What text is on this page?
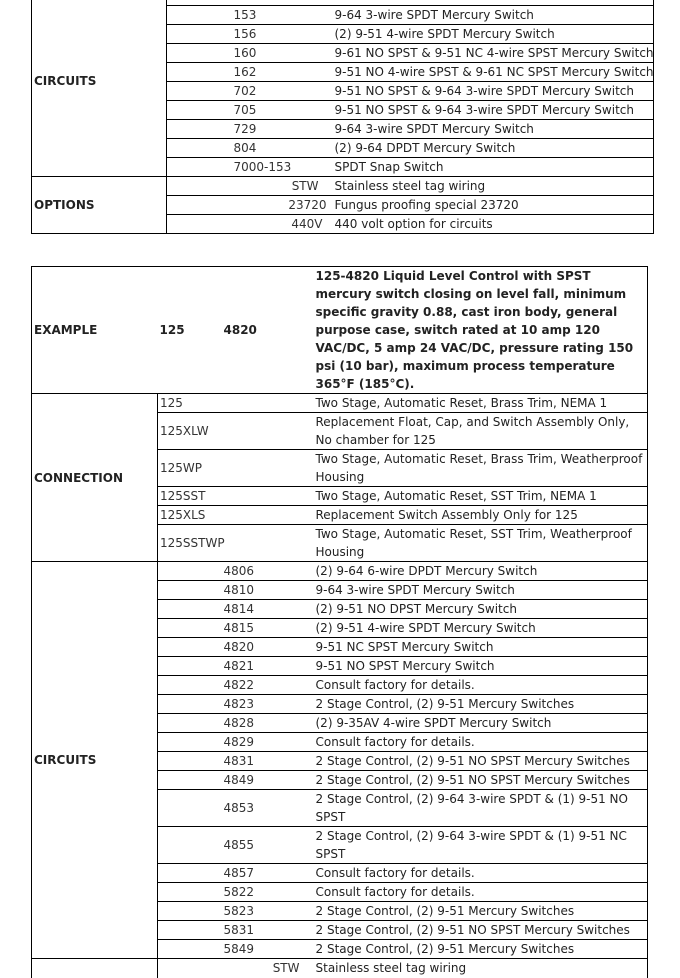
CIRCUITS			
		153	9-64 3-wire SPDT Mercury Switch
		156	(2) 9-51 4-wire SPDT Mercury Switch
		160	9-61 NO SPST & 9-51 NC 4-wire SPST Mercury Switch
		162	9-51 NO 4-wire SPST & 9-61 NC SPST Mercury Switch
		702	9-51 NO SPST & 9-64 3-wire SPDT Mercury Switch
		705	9-51 NO SPST & 9-64 3-wire SPDT Mercury Switch
		729	9-64 3-wire SPDT Mercury Switch
		804	(2) 9-64 DPDT Mercury Switch
		7000-153	SPDT Snap Switch
OPTIONS		STW	Stainless steel tag wiring
		23720	Fungus proofing special 23720
		440V	440 volt option for circuits
EXAMPLE	125	4820	125-4820 Liquid Level Control with SPST mercury switch closing on level fall, minimum specific gravity 0.88, cast iron body, general purpose case, switch rated at 10 amp 120 VAC/DC, 5 amp 24 VAC/DC, pressure rating 150 psi (10 bar), maximum process temperature 365°F (185°C).
CONNECTION	125		Two Stage, Automatic Reset, Brass Trim, NEMA 1
	125XLW		Replacement Float, Cap, and Switch Assembly Only, No chamber for 125
	125WP		Two Stage, Automatic Reset, Brass Trim, Weatherproof Housing
	125SST		Two Stage, Automatic Reset, SST Trim, NEMA 1
	125XLS		Replacement Switch Assembly Only for 125
	125SSTWP		Two Stage, Automatic Reset, SST Trim, Weatherproof Housing
CIRCUITS		4806	(2) 9-64 6-wire DPDT Mercury Switch
		4810	9-64 3-wire SPDT Mercury Switch
		4814	(2) 9-51 NO DPST Mercury Switch
		4815	(2) 9-51 4-wire SPDT Mercury Switch
		4820	9-51 NC SPST Mercury Switch
		4821	9-51 NO SPST Mercury Switch
		4822	Consult factory for details.
		4823	2 Stage Control, (2) 9-51 Mercury Switches
		4828	(2) 9-35AV 4-wire SPDT Mercury Switch
		4829	Consult factory for details.
		4831	2 Stage Control, (2) 9-51 NO SPST Mercury Switches
		4849	2 Stage Control, (2) 9-51 NO SPST Mercury Switches
		4853	2 Stage Control, (2) 9-64 3-wire SPDT & (1) 9-51 NO SPST
		4855	2 Stage Control, (2) 9-64 3-wire SPDT & (1) 9-51 NC SPST
		4857	Consult factory for details.
		5822	Consult factory for details.
		5823	2 Stage Control, (2) 9-51 Mercury Switches
		5831	2 Stage Control, (2) 9-51 NO SPST Mercury Switches
		5849	2 Stage Control, (2) 9-51 Mercury Switches
		STW	Stainless steel tag wiring
